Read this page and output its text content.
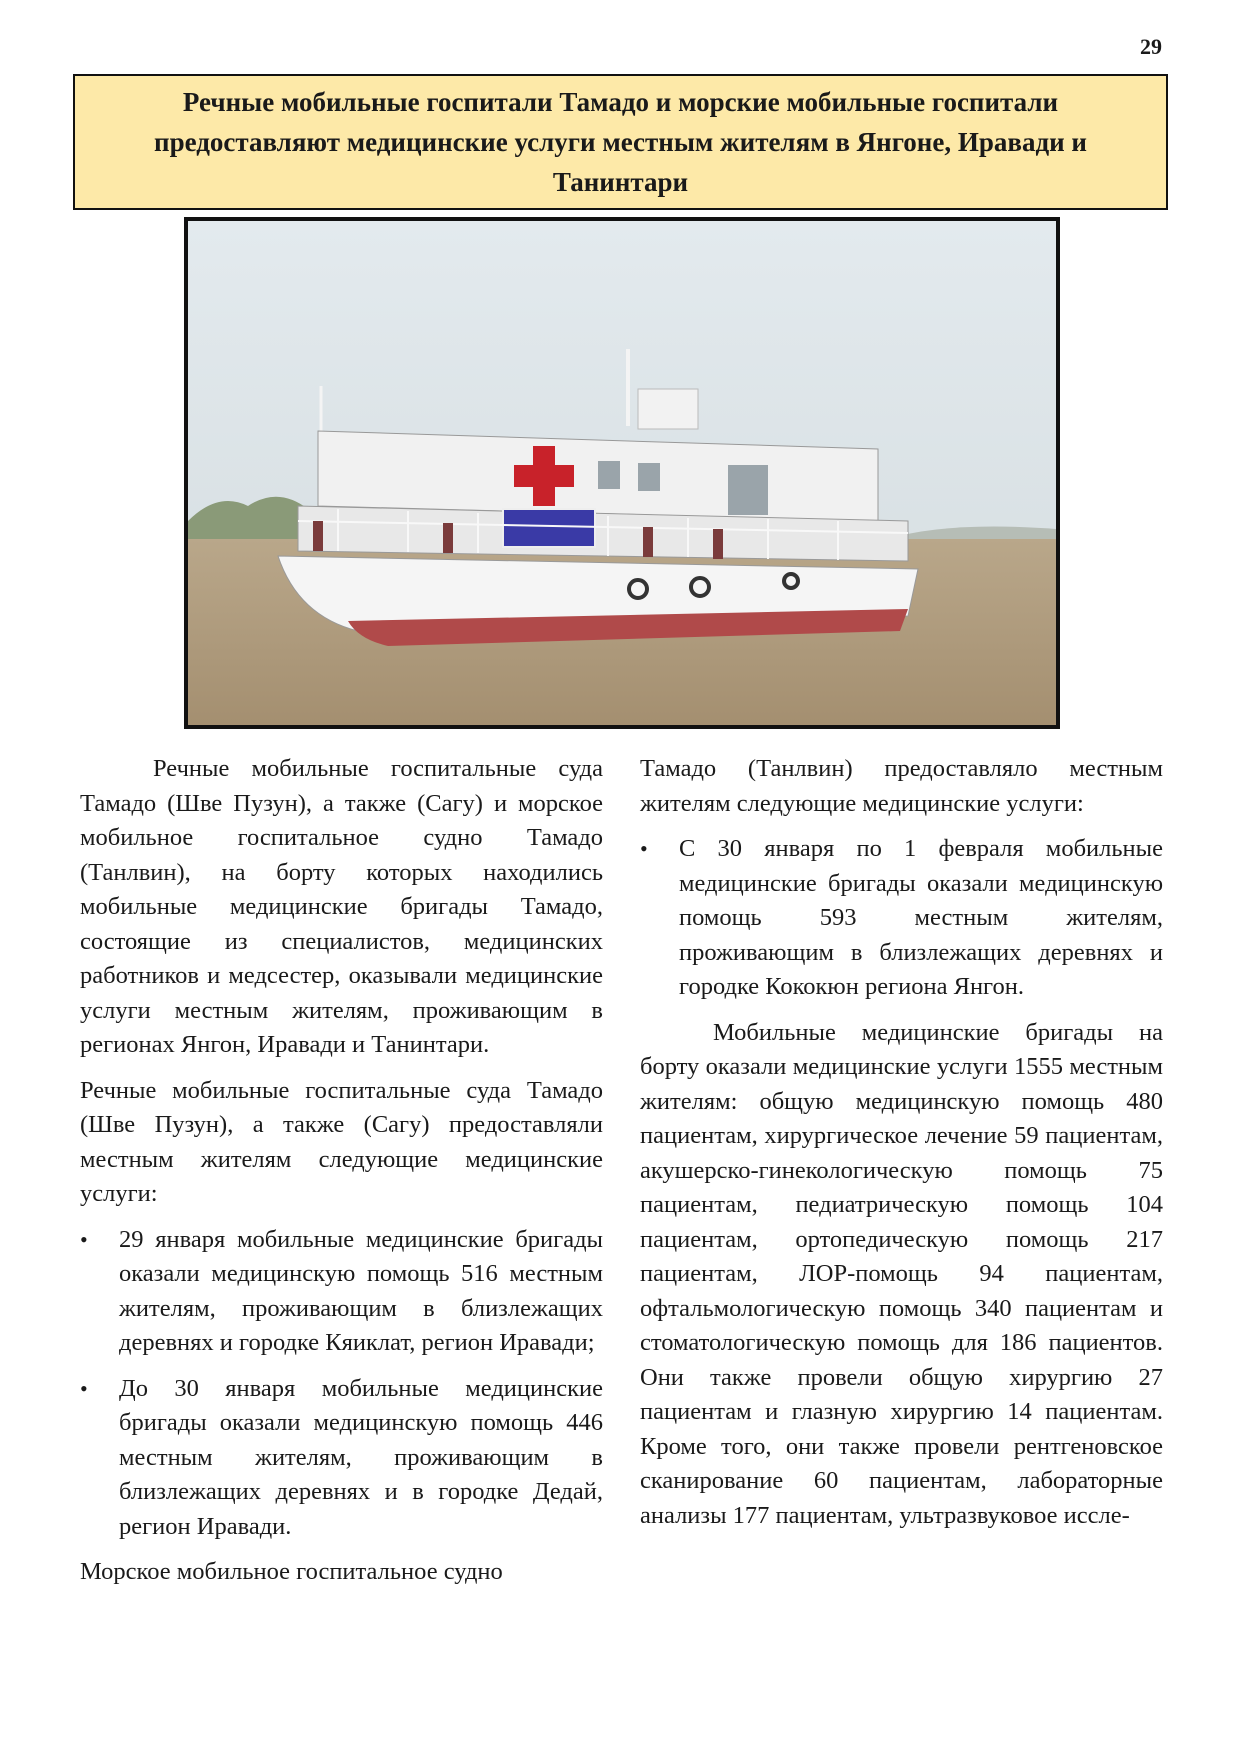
29
Речные мобильные госпитали Тамадо и морские мобильные госпитали предоставляют медицинские услуги местным жителям в Янгоне, Иравади и Танинтари

Речные мобильные госпитальные суда Тамадо (Шве Пузун), а также (Сагу) и морское мобильное госпитальное судно Тамадо (Танлвин), на борту которых находились мобильные медицинские бригады Тамадо, состоящие из специалистов, медицинских работников и медсестер, оказывали медицинские услуги местным жителям, проживающим в регионах Янгон, Иравади и Танинтари.

Речные мобильные госпитальные суда Тамадо (Шве Пузун), а также (Сагу) предоставляли местным жителям следующие медицинские услуги:

• 29 января мобильные медицинские бригады оказали медицинскую помощь 516 местным жителям, проживающим в близлежащих деревнях и городке Кяиклат, регион Иравади;
• До 30 января мобильные медицинские бригады оказали медицинскую помощь 446 местным жителям, проживающим в близлежащих деревнях и в городке Дедай, регион Иравади.

Морское мобильное госпитальное судно

Тамадо (Танлвин) предоставляло местным жителям следующие медицинские услуги:

• С 30 января по 1 февраля мобильные медицинские бригады оказали медицинскую помощь 593 местным жителям, проживающим в близлежащих деревнях и городке Кококюн региона Янгон.

Мобильные медицинские бригады на борту оказали медицинские услуги 1555 местным жителям: общую медицинскую помощь 480 пациентам, хирургическое лечение 59 пациентам, акушерско-гинекологическую помощь 75 пациентам, педиатрическую помощь 104 пациентам, ортопедическую помощь 217 пациентам, ЛОР-помощь 94 пациентам, офтальмологическую помощь 340 пациентам и стоматологическую помощь для 186 пациентов. Они также провели общую хирургию 27 пациентам и глазную хирургию 14 пациентам. Кроме того, они также провели рентгеновское сканирование 60 пациентам, лабораторные анализы 177 пациентам, ультразвуковое иссле-
